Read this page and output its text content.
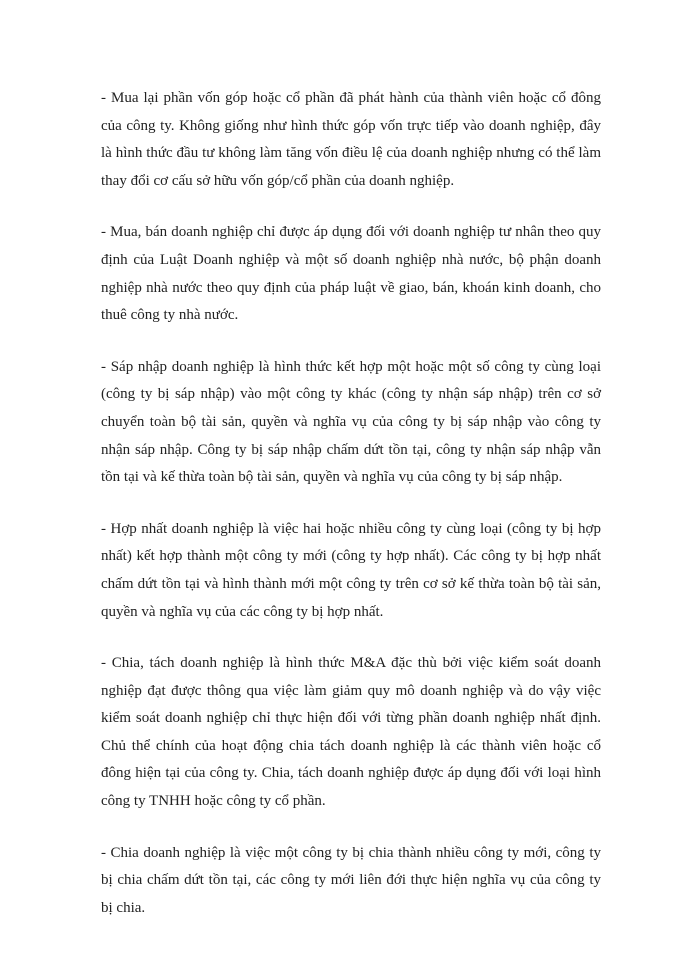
- Mua lại phần vốn góp hoặc cổ phần đã phát hành của thành viên hoặc cổ đông
của công ty. Không giống như hình thức góp vốn trực tiếp vào doanh nghiệp, đây
là hình thức đầu tư không làm tăng vốn điều lệ của doanh nghiệp nhưng có thể làm
thay đổi cơ cấu sở hữu vốn góp/cổ phần của doanh nghiệp.

- Mua, bán doanh nghiệp chỉ được áp dụng đối với doanh nghiệp tư nhân theo quy
định của Luật Doanh nghiệp và một số doanh nghiệp nhà nước, bộ phận doanh
nghiệp nhà nước theo quy định của pháp luật về giao, bán, khoán kinh doanh, cho
thuê công ty nhà nước.

- Sáp nhập doanh nghiệp là hình thức kết hợp một hoặc một số công ty cùng loại
(công ty bị sáp nhập) vào một công ty khác (công ty nhận sáp nhập) trên cơ sở
chuyển toàn bộ tài sản, quyền và nghĩa vụ của công ty bị sáp nhập vào công ty
nhận sáp nhập. Công ty bị sáp nhập chấm dứt tồn tại, công ty nhận sáp nhập vẫn
tồn tại và kế thừa toàn bộ tài sản, quyền và nghĩa vụ của công ty bị sáp nhập.

- Hợp nhất doanh nghiệp là việc hai hoặc nhiều công ty cùng loại (công ty bị hợp
nhất) kết hợp thành một công ty mới (công ty hợp nhất). Các công ty bị hợp nhất
chấm dứt tồn tại và hình thành mới một công ty trên cơ sở kế thừa toàn bộ tài sản,
quyền và nghĩa vụ của các công ty bị hợp nhất.

- Chia, tách doanh nghiệp là hình thức M&A đặc thù bởi việc kiểm soát doanh
nghiệp đạt được thông qua việc làm giảm quy mô doanh nghiệp và do vậy việc
kiểm soát doanh nghiệp chỉ thực hiện đối với từng phần doanh nghiệp nhất định.
Chủ thể chính của hoạt động chia tách doanh nghiệp là các thành viên hoặc cổ
đông hiện tại của công ty. Chia, tách doanh nghiệp được áp dụng đối với loại hình
công ty TNHH hoặc công ty cổ phần.

- Chia doanh nghiệp là việc một công ty bị chia thành nhiều công ty mới, công ty
bị chia chấm dứt tồn tại, các công ty mới liên đới thực hiện nghĩa vụ của công ty
bị chia.
